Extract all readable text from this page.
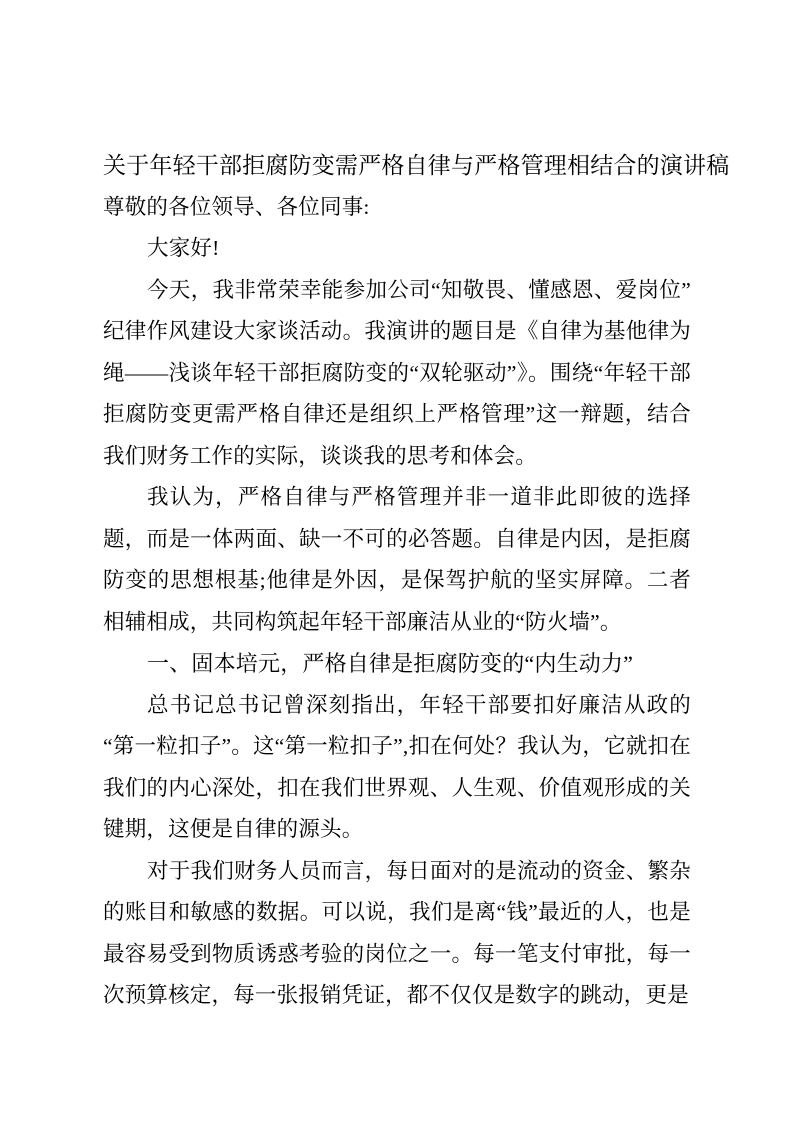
关于年轻干部拒腐防变需严格自律与严格管理相结合的演讲稿

尊敬的各位领导、各位同事:

大家好!

今天，我非常荣幸能参加公司“知敬畏、懂感恩、爱岗位”纪律作风建设大家谈活动。我演讲的题目是《自律为基他律为绳——浅谈年轻干部拒腐防变的“双轮驱动”》。围绕“年轻干部拒腐防变更需严格自律还是组织上严格管理”这一辩题，结合我们财务工作的实际，谈谈我的思考和体会。

我认为，严格自律与严格管理并非一道非此即彼的选择题，而是一体两面、缺一不可的必答题。自律是内因，是拒腐防变的思想根基;他律是外因，是保驾护航的坚实屏障。二者相辅相成，共同构筑起年轻干部廉洁从业的“防火墙”。

一、固本培元，严格自律是拒腐防变的“内生动力”

总书记总书记曾深刻指出，年轻干部要扣好廉洁从政的“第一粒扣子”。这“第一粒扣子”,扣在何处？我认为，它就扣在我们的内心深处，扣在我们世界观、人生观、价值观形成的关键期，这便是自律的源头。

对于我们财务人员而言，每日面对的是流动的资金、繁杂的账目和敏感的数据。可以说，我们是离“钱”最近的人，也是最容易受到物质诱惑考验的岗位之一。每一笔支付审批，每一次预算核定，每一张报销凭证，都不仅仅是数字的跳动，更是
